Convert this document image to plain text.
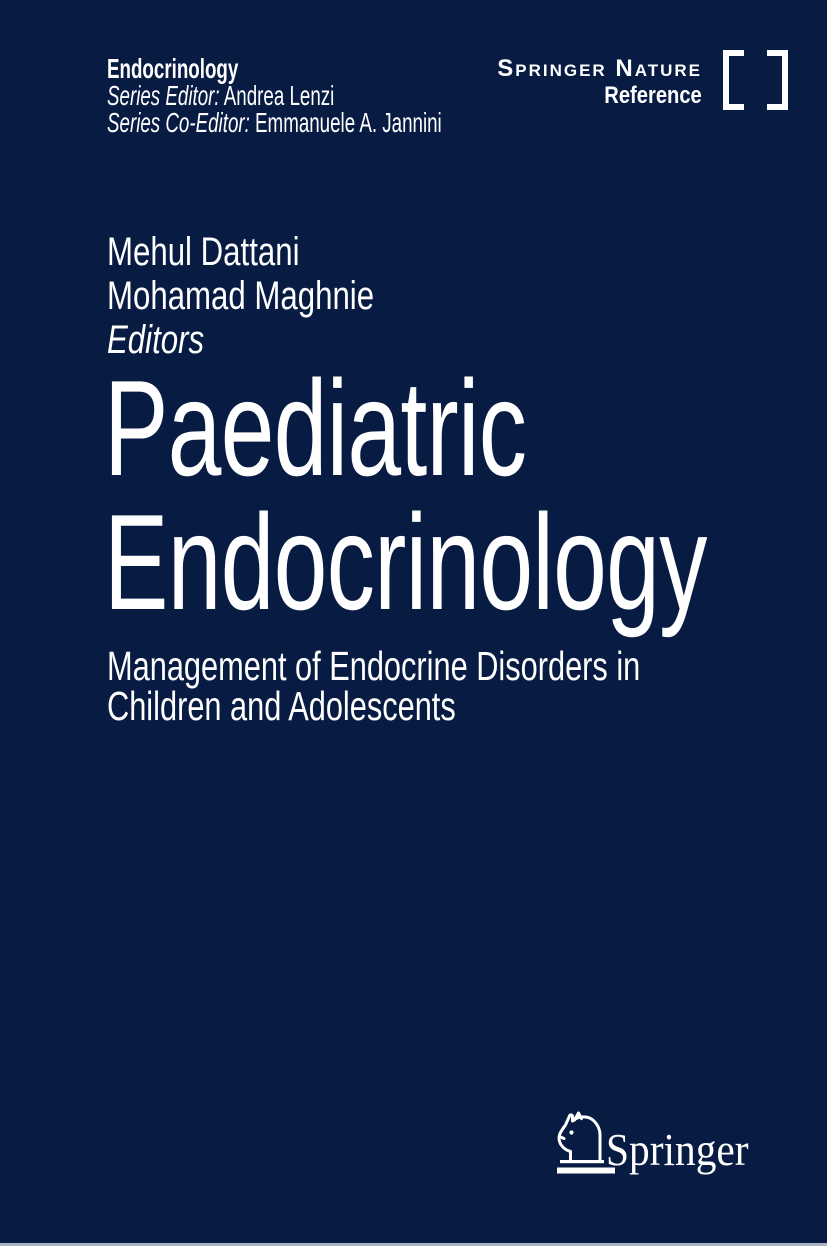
Endocrinology
Series Editor: Andrea Lenzi
Series Co-Editor: Emmanuele A. Jannini
Springer Nature
Reference
Mehul Dattani
Mohamad Maghnie
Editors
Paediatric
Endocrinology
Management of Endocrine Disorders in
Children and Adolescents
Springer
